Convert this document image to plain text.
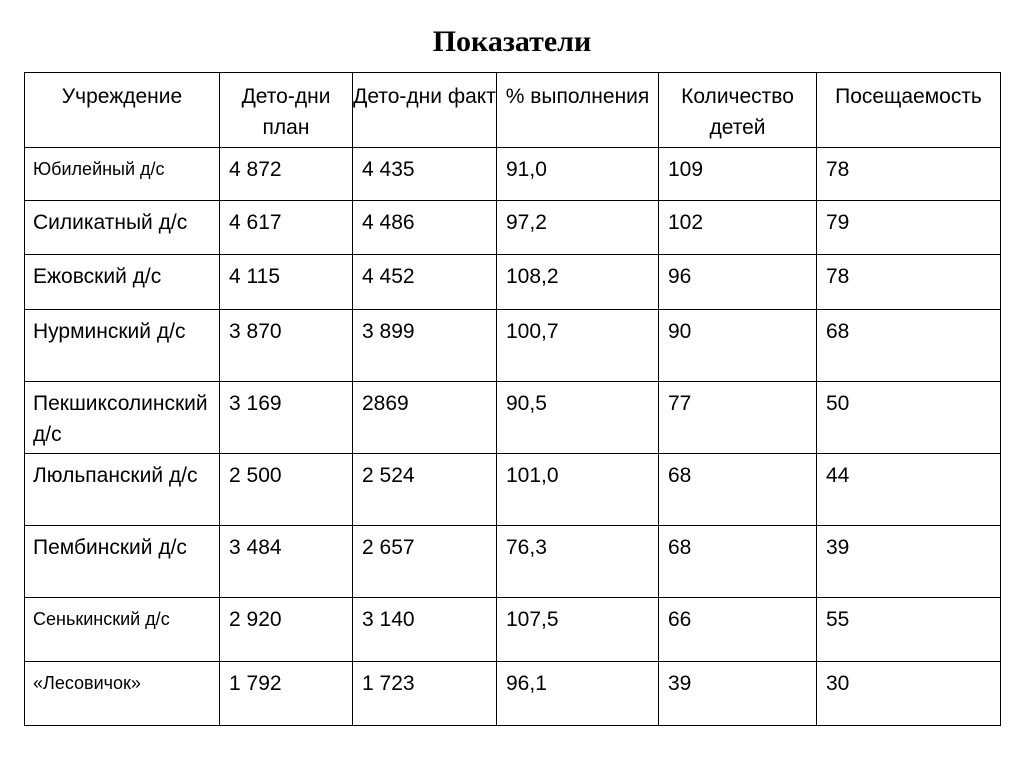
Показатели
Учреждение	Дето-дни план	Дето-дни факт	% выполнения	Количество детей	Посещаемость
Юбилейный д/с	4 872	4 435	91,0	109	78
Силикатный д/с	4 617	4 486	97,2	102	79
Ежовский д/с	4 115	4 452	108,2	96	78
Нурминский д/с	3 870	3 899	100,7	90	68
Пекшиксолинский д/с	3 169	2869	90,5	77	50
Люльпанский д/с	2 500	2 524	101,0	68	44
Пембинский д/с	3 484	2 657	76,3	68	39
Сенькинский д/с	2 920	3 140	107,5	66	55
«Лесовичок»	1 792	1 723	96,1	39	30
